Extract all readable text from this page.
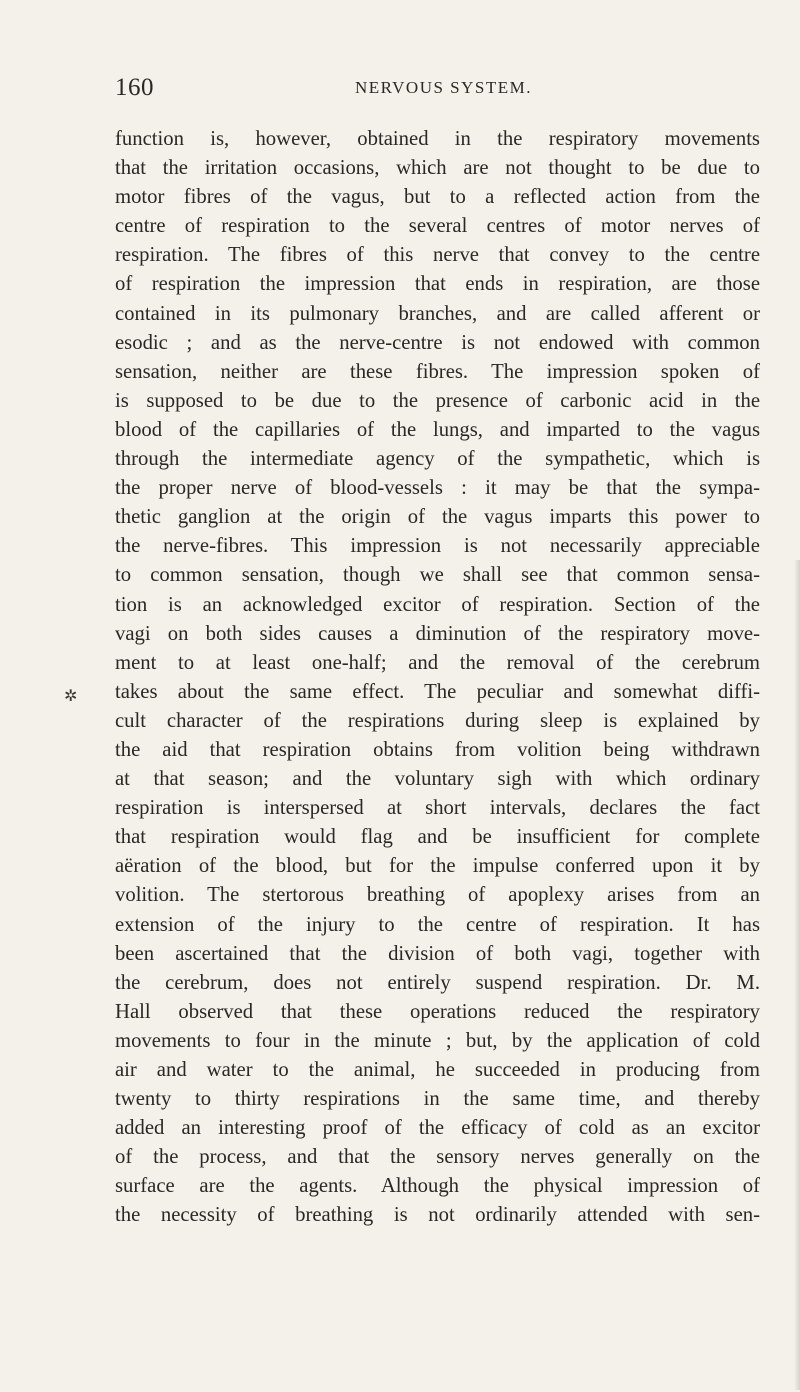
160	NERVOUS SYSTEM.
✲
function is, however, obtained in the respiratory movements
that the irritation occasions, which are not thought to be due to
motor fibres of the vagus, but to a reflected action from the
centre of respiration to the several centres of motor nerves of
respiration. The fibres of this nerve that convey to the centre
of respiration the impression that ends in respiration, are those
contained in its pulmonary branches, and are called afferent or
esodic ; and as the nerve-centre is not endowed with common
sensation, neither are these fibres. The impression spoken of
is supposed to be due to the presence of carbonic acid in the
blood of the capillaries of the lungs, and imparted to the vagus
through the intermediate agency of the sympathetic, which is
the proper nerve of blood-vessels : it may be that the sympa-
thetic ganglion at the origin of the vagus imparts this power to
the nerve-fibres. This impression is not necessarily appreciable
to common sensation, though we shall see that common sensa-
tion is an acknowledged excitor of respiration. Section of the
vagi on both sides causes a diminution of the respiratory move-
ment to at least one-half; and the removal of the cerebrum
takes about the same effect. The peculiar and somewhat diffi-
cult character of the respirations during sleep is explained by
the aid that respiration obtains from volition being withdrawn
at that season; and the voluntary sigh with which ordinary
respiration is interspersed at short intervals, declares the fact
that respiration would flag and be insufficient for complete
aëration of the blood, but for the impulse conferred upon it by
volition. The stertorous breathing of apoplexy arises from an
extension of the injury to the centre of respiration. It has
been ascertained that the division of both vagi, together with
the cerebrum, does not entirely suspend respiration. Dr. M.
Hall observed that these operations reduced the respiratory
movements to four in the minute ; but, by the application of cold
air and water to the animal, he succeeded in producing from
twenty to thirty respirations in the same time, and thereby
added an interesting proof of the efficacy of cold as an excitor
of the process, and that the sensory nerves generally on the
surface are the agents. Although the physical impression of
the necessity of breathing is not ordinarily attended with sen-
